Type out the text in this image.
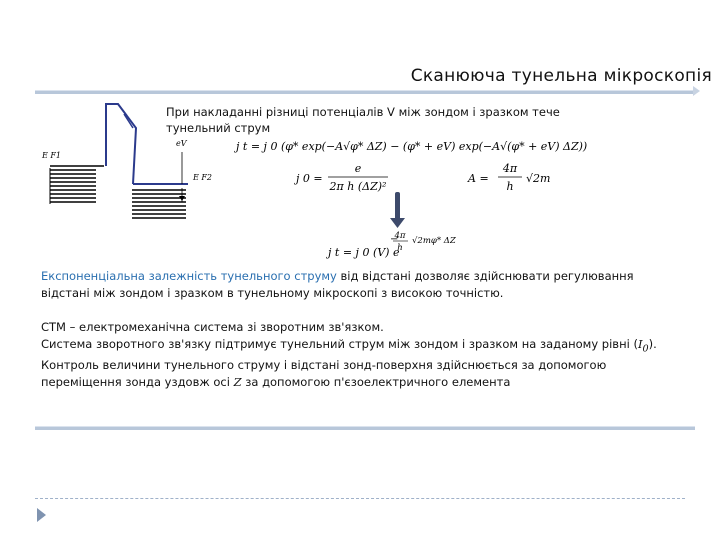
Сканююча тунельна мікроскопія
E F1
eV
E F2
При накладанні різниці потенціалів V між зондом і зразком тече тунельний струм
j t = j 0 (φ* exp(−A√φ* ΔZ) − (φ* + eV) exp(−A√(φ* + eV) ΔZ))
j 0 =
e
2π h (ΔZ)²
A =
4π
h
√2m
j t = j 0 (V) e
4π
−
h
√2mφ* ΔZ

Експоненціальна залежність тунельного струму від відстані дозволяє здійснювати регулювання відстані між зондом і зразком в тунельному мікроскопі з високою точністю.

СТМ – електромеханічна система зі зворотним зв'язком.

Система зворотного зв'язку підтримує тунельний струм між зондом і зразком на заданому рівні $(I_0)$. Контроль величини тунельного струму і відстані зонд-поверхня здійснюється за допомогою переміщення зонда уздовж осі Z за допомогою п'єзоелектричного елемента
